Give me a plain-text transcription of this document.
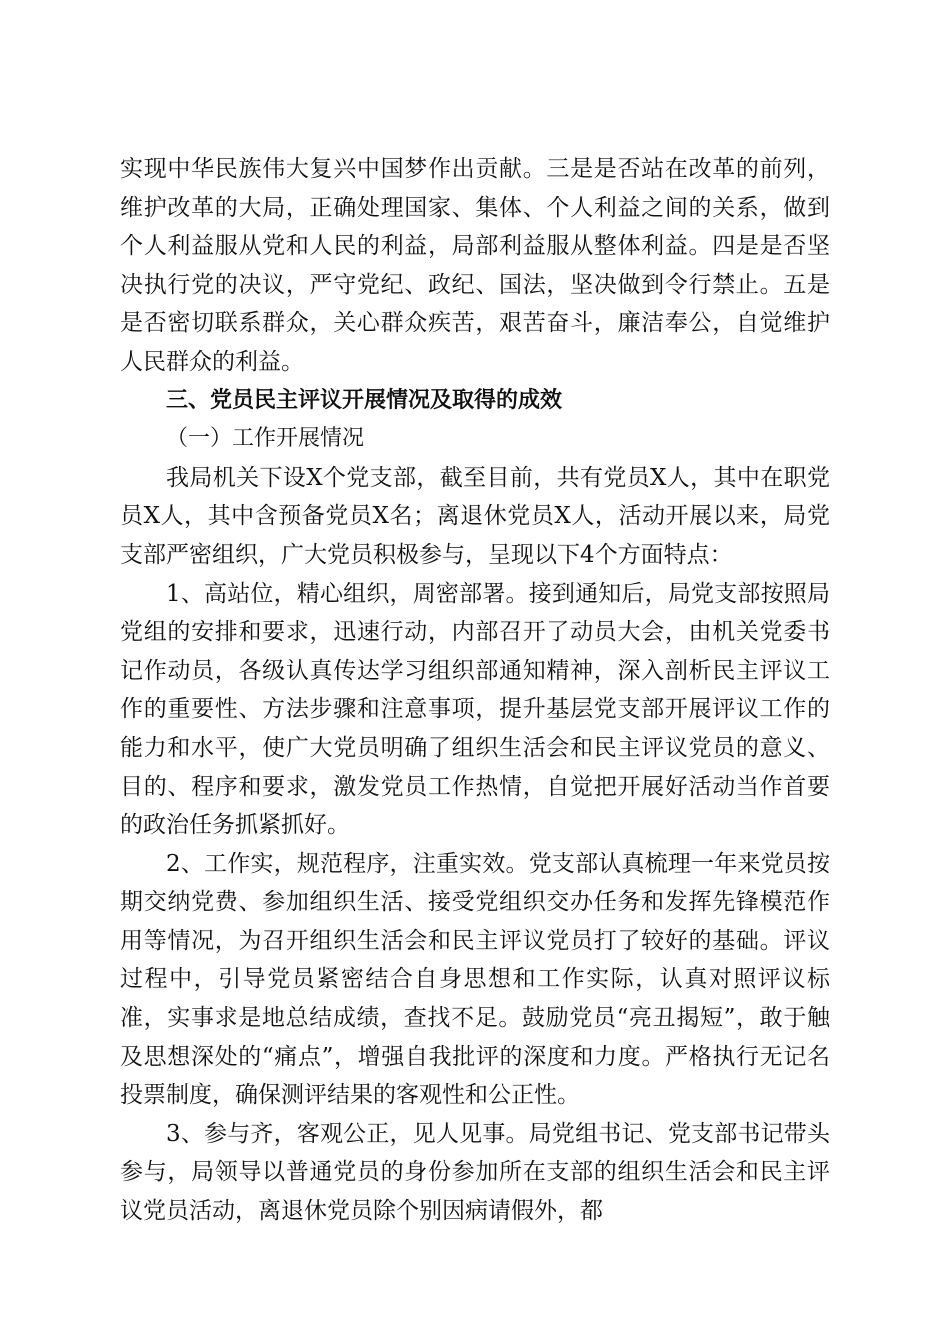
实现中华民族伟大复兴中国梦作出贡献。三是是否站在改革的前列，维护改革的大局，正确处理国家、集体、个人利益之间的关系，做到个人利益服从党和人民的利益，局部利益服从整体利益。四是是否坚决执行党的决议，严守党纪、政纪、国法，坚决做到令行禁止。五是是否密切联系群众，关心群众疾苦，艰苦奋斗，廉洁奉公，自觉维护人民群众的利益。

三、党员民主评议开展情况及取得的成效

（一）工作开展情况

我局机关下设X个党支部，截至目前，共有党员X人，其中在职党员X人，其中含预备党员X名；离退休党员X人，活动开展以来，局党支部严密组织，广大党员积极参与，呈现以下4个方面特点：

1、高站位，精心组织，周密部署。接到通知后，局党支部按照局党组的安排和要求，迅速行动，内部召开了动员大会，由机关党委书记作动员，各级认真传达学习组织部通知精神，深入剖析民主评议工作的重要性、方法步骤和注意事项，提升基层党支部开展评议工作的能力和水平，使广大党员明确了组织生活会和民主评议党员的意义、目的、程序和要求，激发党员工作热情，自觉把开展好活动当作首要的政治任务抓紧抓好。

2、工作实，规范程序，注重实效。党支部认真梳理一年来党员按期交纳党费、参加组织生活、接受党组织交办任务和发挥先锋模范作用等情况，为召开组织生活会和民主评议党员打了较好的基础。评议过程中，引导党员紧密结合自身思想和工作实际，认真对照评议标准，实事求是地总结成绩，查找不足。鼓励党员“亮丑揭短”，敢于触及思想深处的“痛点”，增强自我批评的深度和力度。严格执行无记名投票制度，确保测评结果的客观性和公正性。

3、参与齐，客观公正，见人见事。局党组书记、党支部书记带头参与，局领导以普通党员的身份参加所在支部的组织生活会和民主评议党员活动，离退休党员除个别因病请假外，都
